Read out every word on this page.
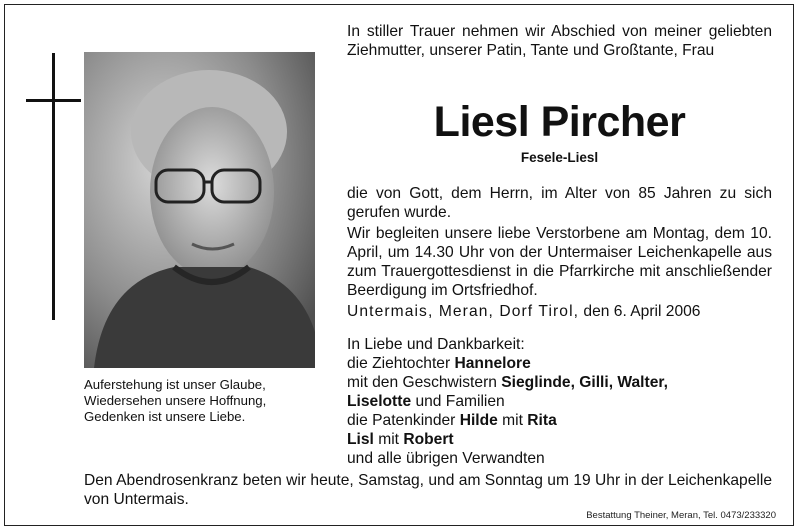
Auferstehung ist unser Glaube,
Wiedersehen unsere Hoffnung,
Gedenken ist unsere Liebe.
In stiller Trauer nehmen wir Abschied von meiner geliebten Ziehmutter, unserer Patin, Tante und Großtante, Frau
Liesl Pircher
Fesele-Liesl
die von Gott, dem Herrn, im Alter von 85 Jahren zu sich gerufen wurde.
Wir begleiten unsere liebe Verstorbene am Montag, dem 10. April, um 14.30 Uhr von der Untermaiser Leichenkapelle aus zum Trauergottesdienst in die Pfarrkirche mit anschließender Beerdigung im Ortsfriedhof.
Untermais, Meran, Dorf Tirol, den 6. April 2006
In Liebe und Dankbarkeit:
die Ziehtochter Hannelore
mit den Geschwistern Sieglinde, Gilli, Walter,
Liselotte und Familien
die Patenkinder Hilde mit Rita
Lisl mit Robert
und alle übrigen Verwandten
Den Abendrosenkranz beten wir heute, Samstag, und am Sonntag um 19 Uhr in der Leichenkapelle von Untermais.
Bestattung Theiner, Meran, Tel. 0473/233320
